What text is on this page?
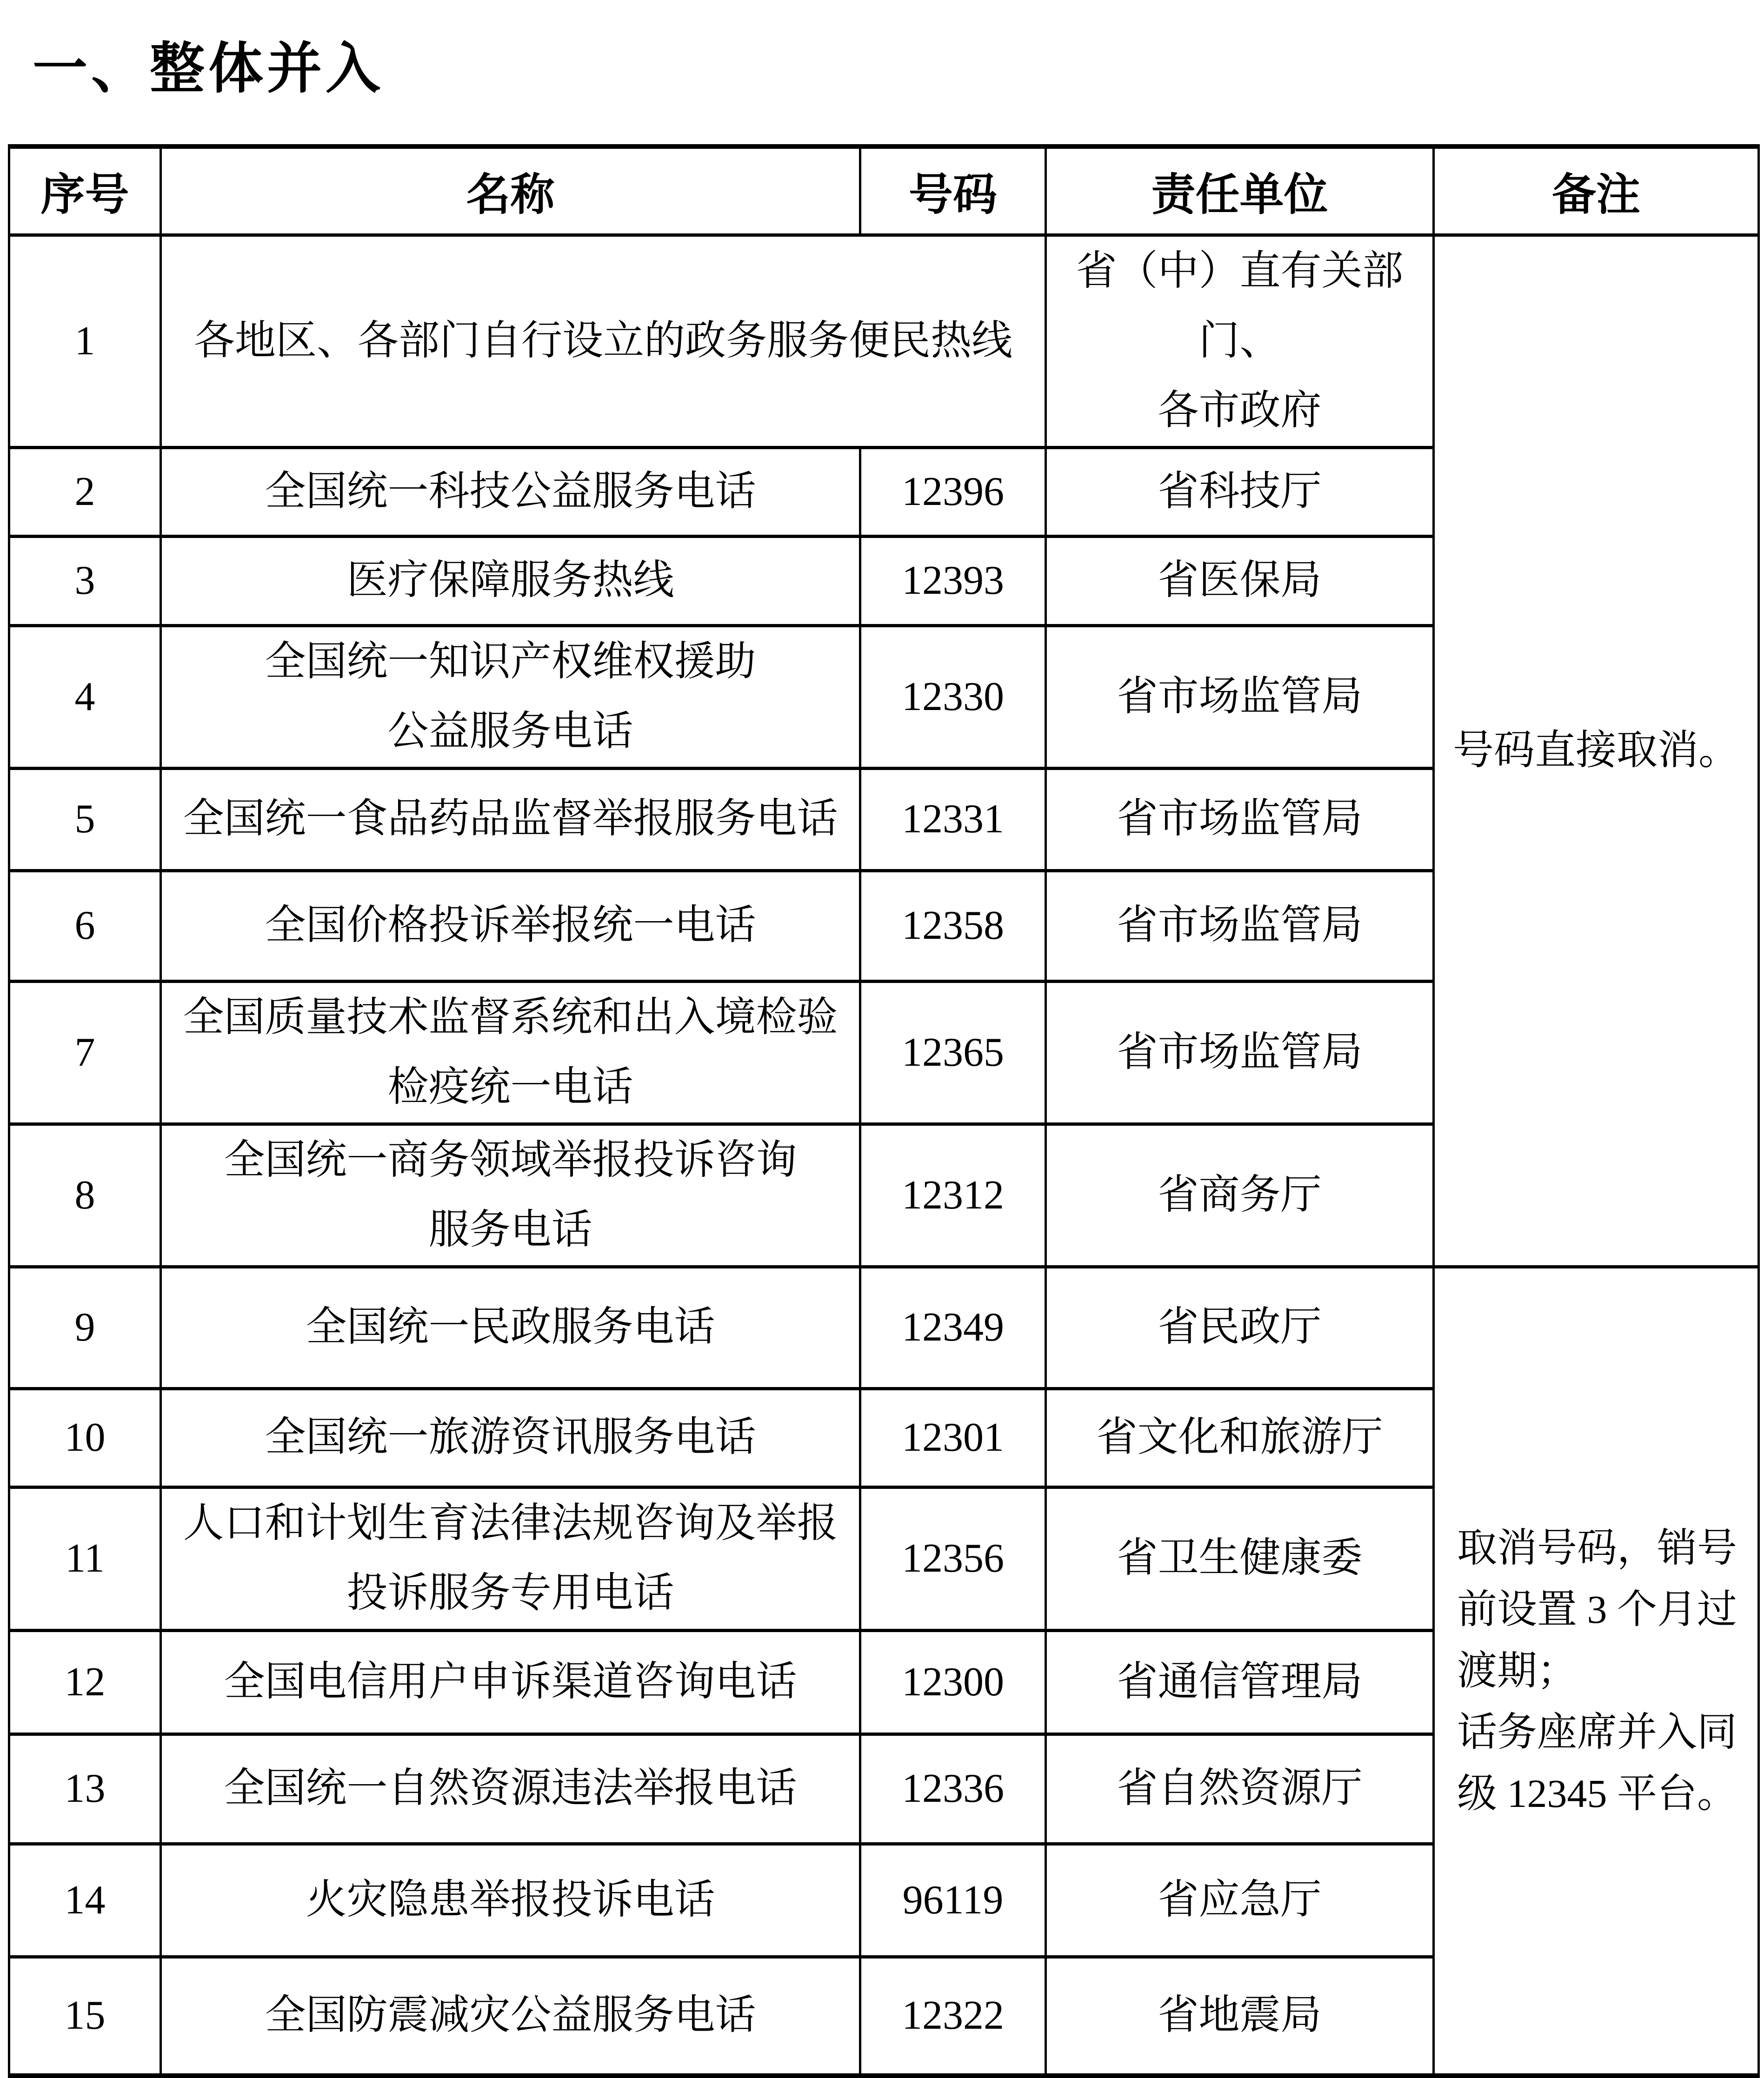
一、整体并入
序号	名称	号码	责任单位	备注
1	各地区、各部门自行设立的政务服务便民热线		省（中）直有关部门、
各市政府	号码直接取消。
2	全国统一科技公益服务电话	12396	省科技厅	
3	医疗保障服务热线	12393	省医保局	
4	全国统一知识产权维权援助
公益服务电话	12330	省市场监管局	
5	全国统一食品药品监督举报服务电话	12331	省市场监管局	
6	全国价格投诉举报统一电话	12358	省市场监管局	
7	全国质量技术监督系统和出入境检验
检疫统一电话	12365	省市场监管局	
8	全国统一商务领域举报投诉咨询
服务电话	12312	省商务厅	
9	全国统一民政服务电话	12349	省民政厅	取消号码，销号
前设置 3 个月过
渡期；
话务座席并入同
级 12345 平台。

10	全国统一旅游资讯服务电话	12301	省文化和旅游厅	
11	人口和计划生育法律法规咨询及举报
投诉服务专用电话	12356	省卫生健康委	
12	全国电信用户申诉渠道咨询电话	12300	省通信管理局	
13	全国统一自然资源违法举报电话	12336	省自然资源厅	
14	火灾隐患举报投诉电话	96119	省应急厅	
15	全国防震减灾公益服务电话	12322	省地震局	
